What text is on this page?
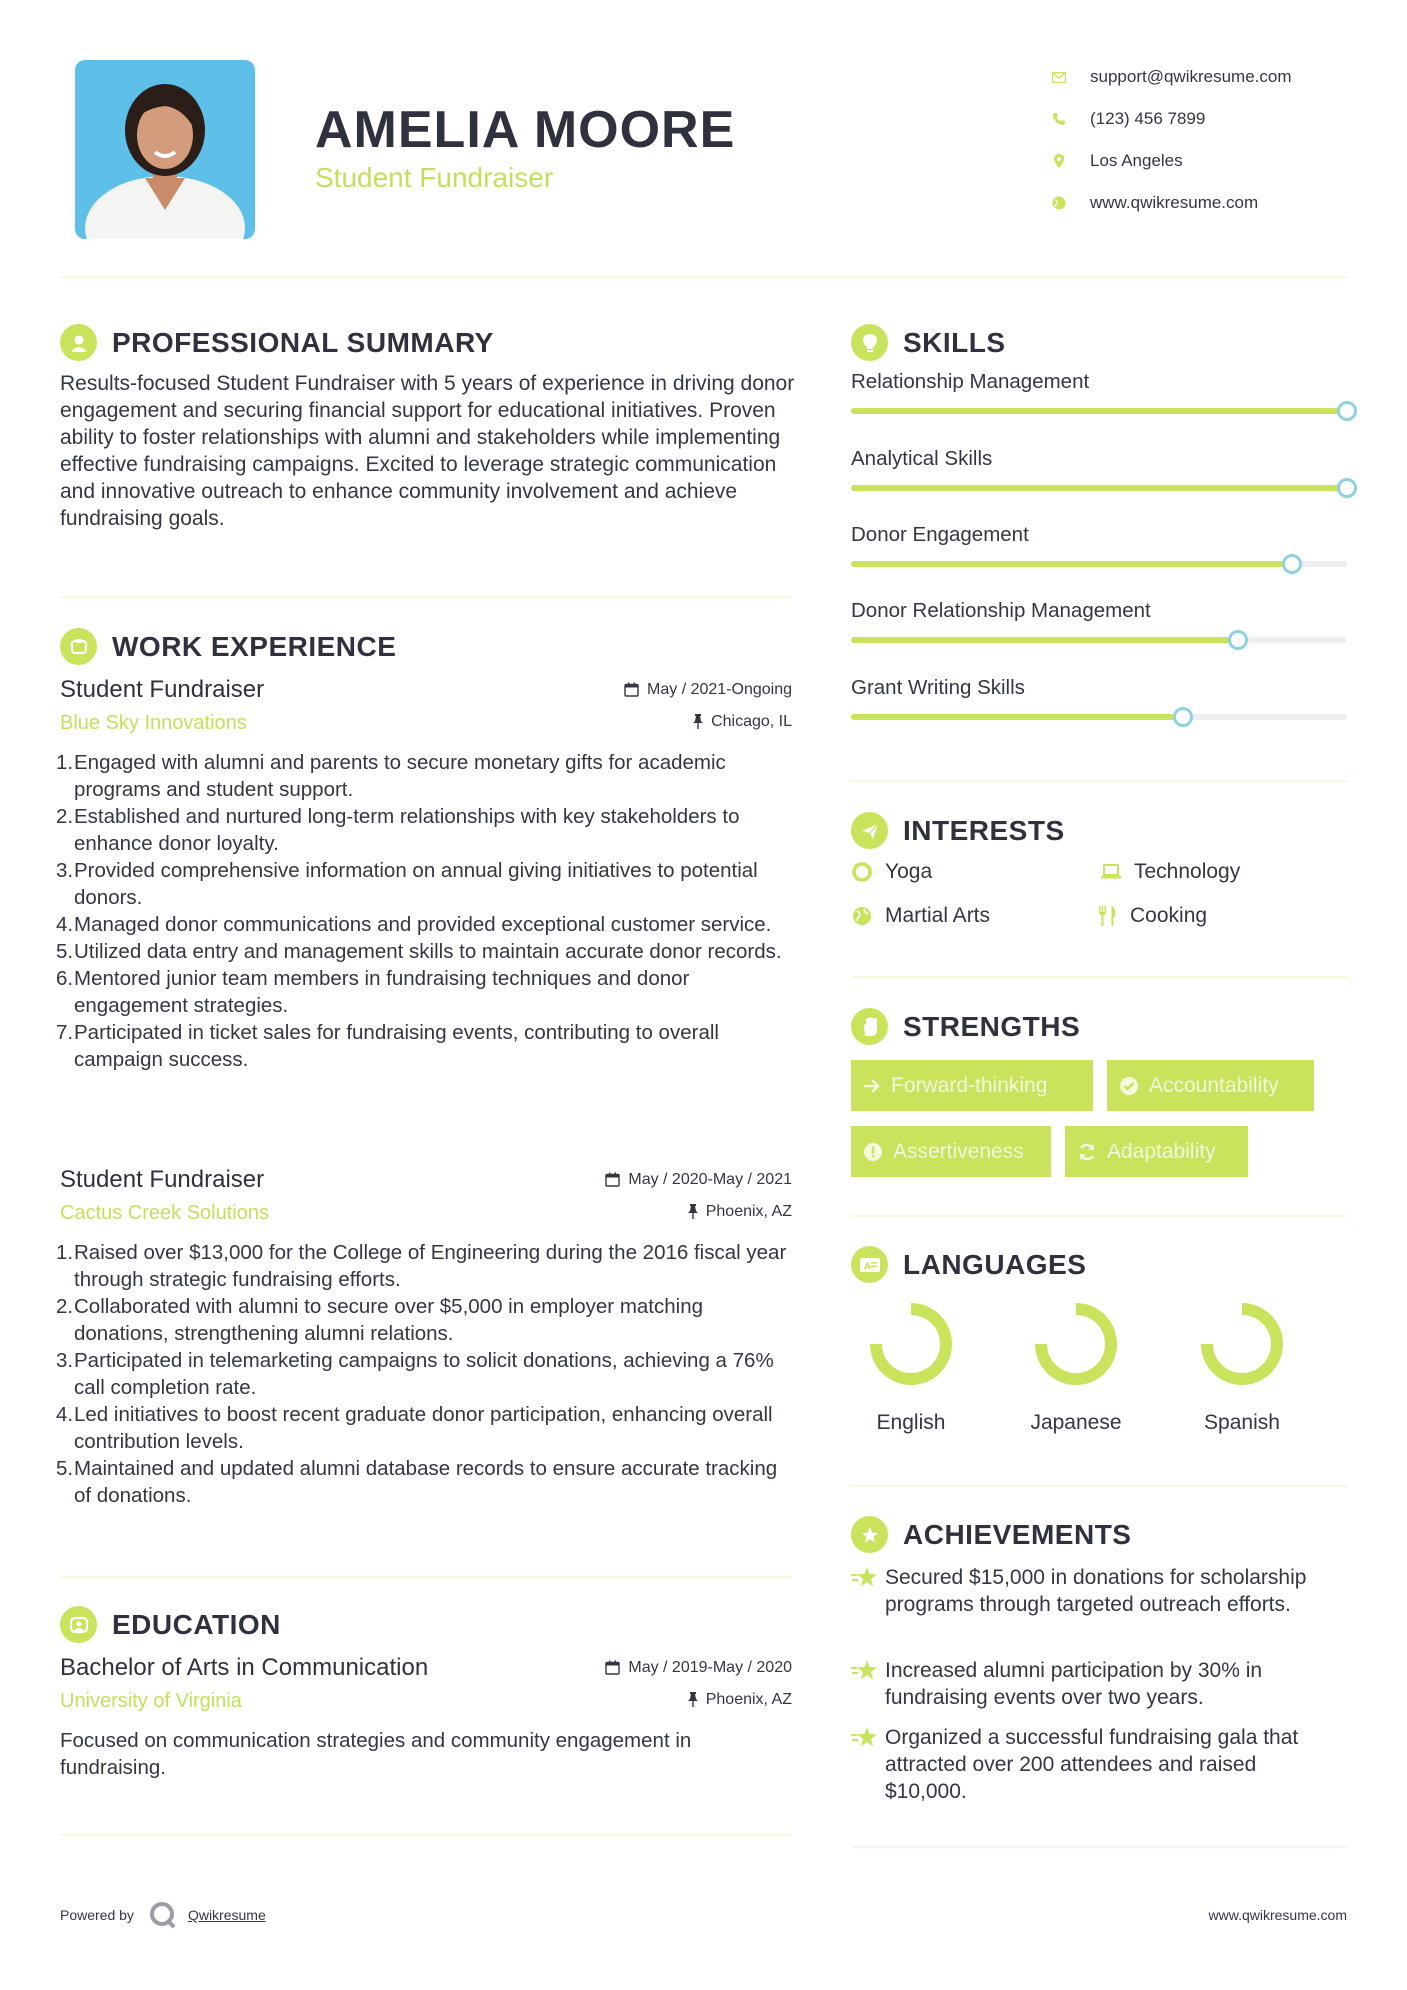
AMELIA MOORE
Student Fundraiser
support@qwikresume.com
(123) 456 7899
Los Angeles
www.qwikresume.com
PROFESSIONAL SUMMARY
Results-focused Student Fundraiser with 5 years of experience in driving donor engagement and securing financial support for educational initiatives. Proven ability to foster relationships with alumni and stakeholders while implementing effective fundraising campaigns. Excited to leverage strategic communication and innovative outreach to enhance community involvement and achieve fundraising goals.
WORK EXPERIENCE
Student Fundraiser	May / 2021-Ongoing
Blue Sky Innovations	Chicago, IL
1. Engaged with alumni and parents to secure monetary gifts for academic programs and student support.
2. Established and nurtured long-term relationships with key stakeholders to enhance donor loyalty.
3. Provided comprehensive information on annual giving initiatives to potential donors.
4. Managed donor communications and provided exceptional customer service.
5. Utilized data entry and management skills to maintain accurate donor records.
6. Mentored junior team members in fundraising techniques and donor engagement strategies.
7. Participated in ticket sales for fundraising events, contributing to overall campaign success.
Student Fundraiser	May / 2020-May / 2021
Cactus Creek Solutions	Phoenix, AZ
1. Raised over $13,000 for the College of Engineering during the 2016 fiscal year through strategic fundraising efforts.
2. Collaborated with alumni to secure over $5,000 in employer matching donations, strengthening alumni relations.
3. Participated in telemarketing campaigns to solicit donations, achieving a 76% call completion rate.
4. Led initiatives to boost recent graduate donor participation, enhancing overall contribution levels.
5. Maintained and updated alumni database records to ensure accurate tracking of donations.
EDUCATION
Bachelor of Arts in Communication	May / 2019-May / 2020
University of Virginia	Phoenix, AZ
Focused on communication strategies and community engagement in fundraising.
SKILLS
Relationship Management
Analytical Skills
Donor Engagement
Donor Relationship Management
Grant Writing Skills
INTERESTS
Yoga	Technology
Martial Arts	Cooking
STRENGTHS
Forward-thinking	Accountability
Assertiveness	Adaptability
A LANGUAGES
English	Japanese	Spanish
ACHIEVEMENTS
Secured $15,000 in donations for scholarship programs through targeted outreach efforts.
Increased alumni participation by 30% in fundraising events over two years.
Organized a successful fundraising gala that attracted over 200 attendees and raised $10,000.
Powered by	Qwikresume	www.qwikresume.com
